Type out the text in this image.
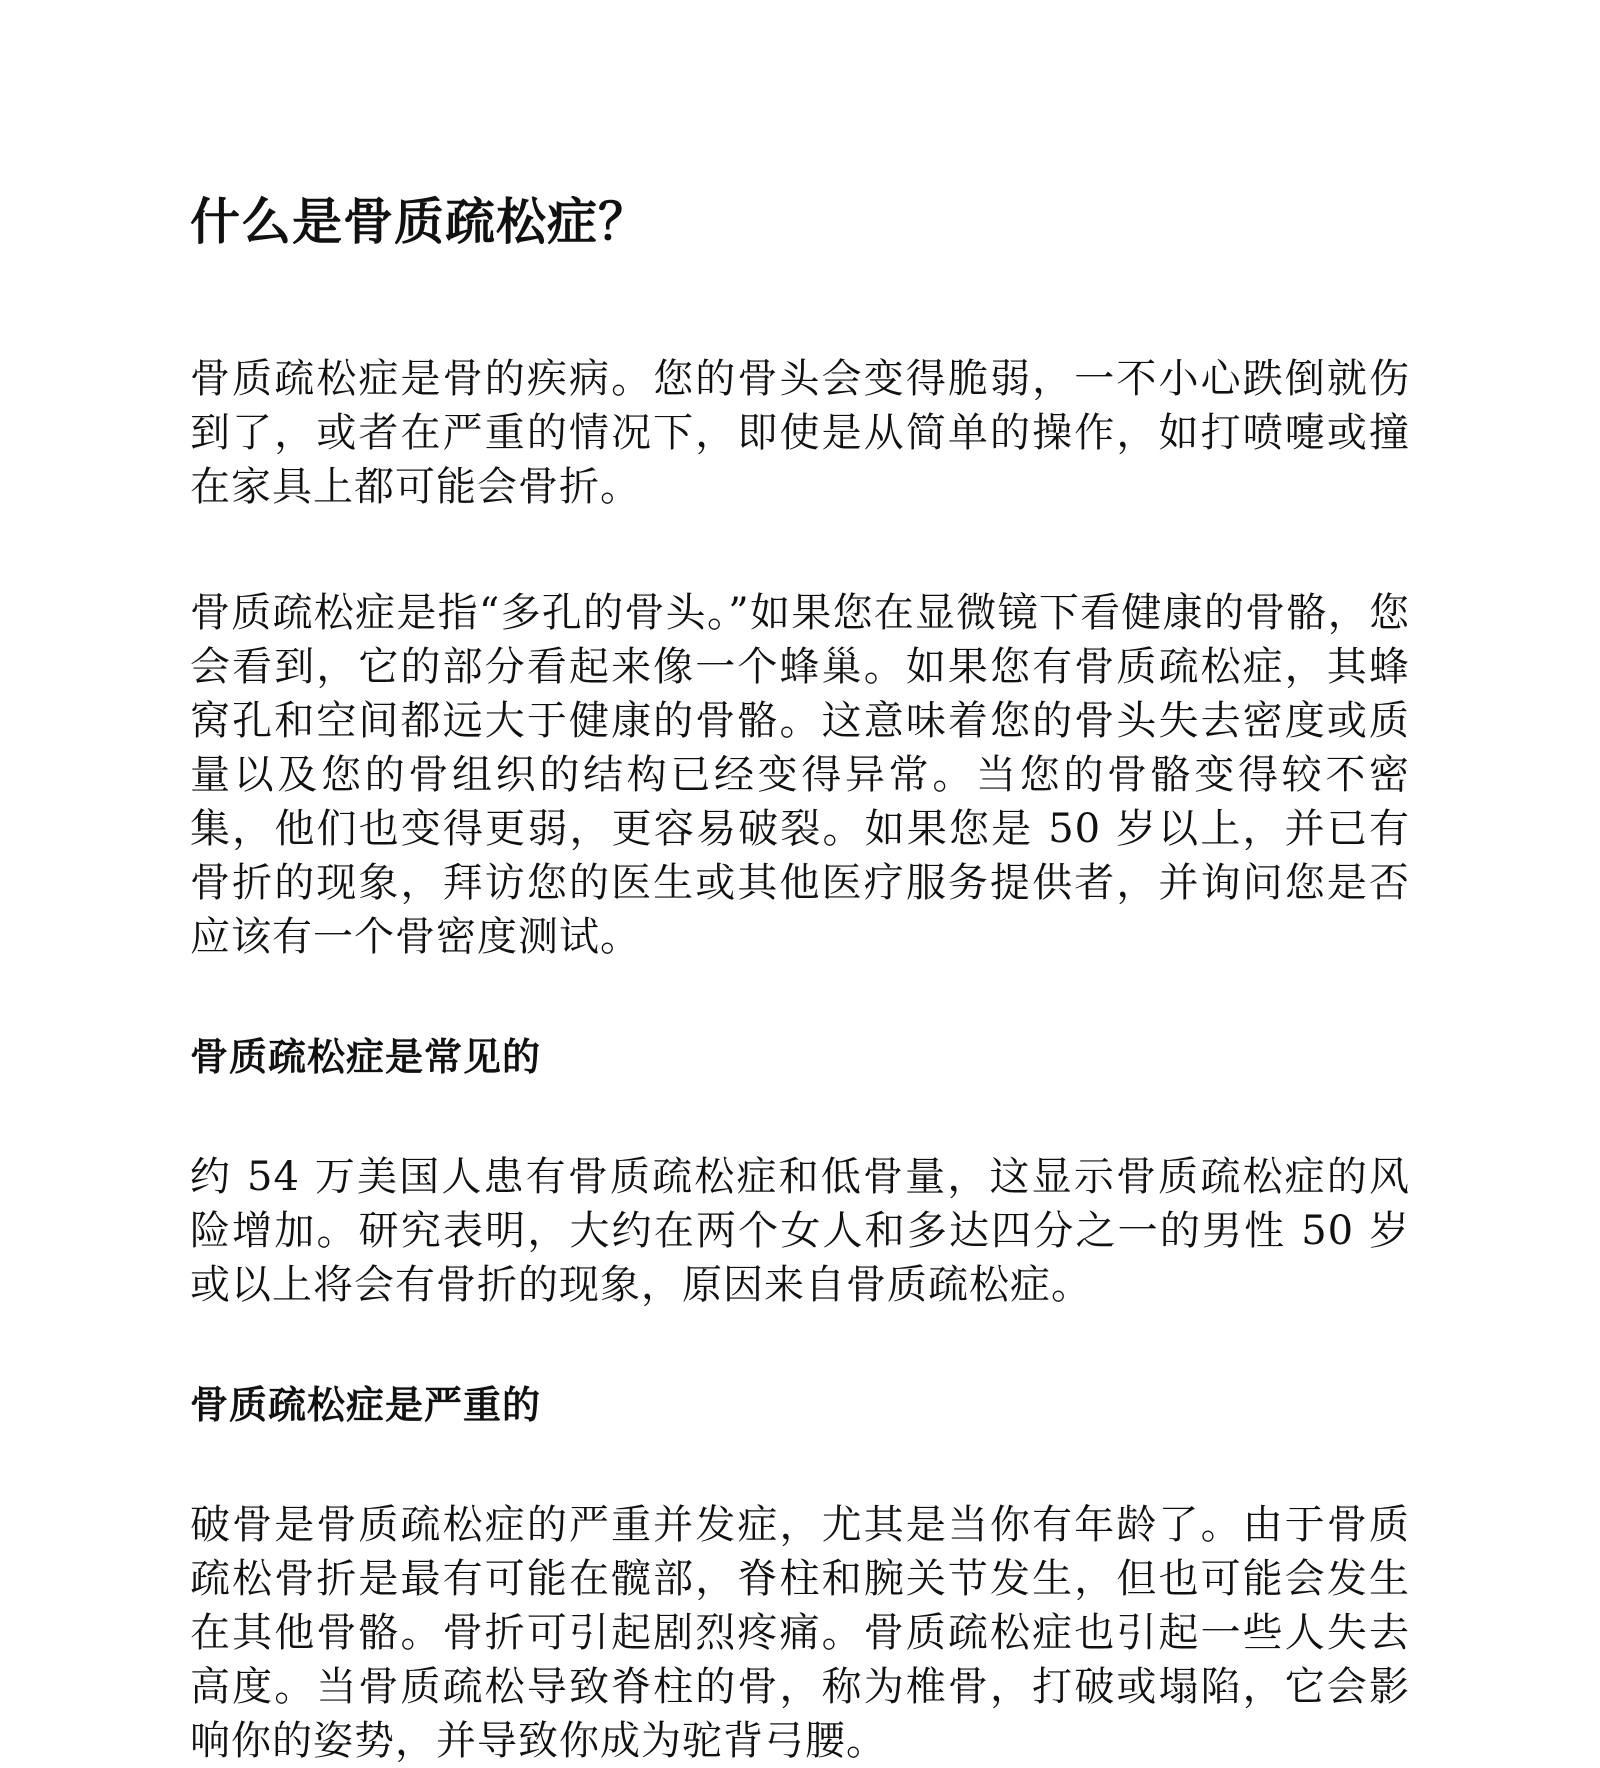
什么是骨质疏松症？

骨质疏松症是骨的疾病。您的骨头会变得脆弱，一不小心跌倒就伤到了，或者在严重的情况下，即使是从简单的操作，如打喷嚏或撞在家具上都可能会骨折。

骨质疏松症是指“多孔的骨头。”如果您在显微镜下看健康的骨骼，您会看到，它的部分看起来像一个蜂巢。如果您有骨质疏松症，其蜂窝孔和空间都远大于健康的骨骼。这意味着您的骨头失去密度或质量以及您的骨组织的结构已经变得异常。当您的骨骼变得较不密集，他们也变得更弱，更容易破裂。如果您是 50 岁以上，并已有骨折的现象，拜访您的医生或其他医疗服务提供者，并询问您是否应该有一个骨密度测试。

骨质疏松症是常见的

约 54 万美国人患有骨质疏松症和低骨量，这显示骨质疏松症的风险增加。研究表明，大约在两个女人和多达四分之一的男性 50 岁或以上将会有骨折的现象，原因来自骨质疏松症。

骨质疏松症是严重的

破骨是骨质疏松症的严重并发症，尤其是当你有年龄了。由于骨质疏松骨折是最有可能在髋部，脊柱和腕关节发生，但也可能会发生在其他骨骼。骨折可引起剧烈疼痛。骨质疏松症也引起一些人失去高度。当骨质疏松导致脊柱的骨，称为椎骨，打破或塌陷，它会影响你的姿势，并导致你成为驼背弓腰。
